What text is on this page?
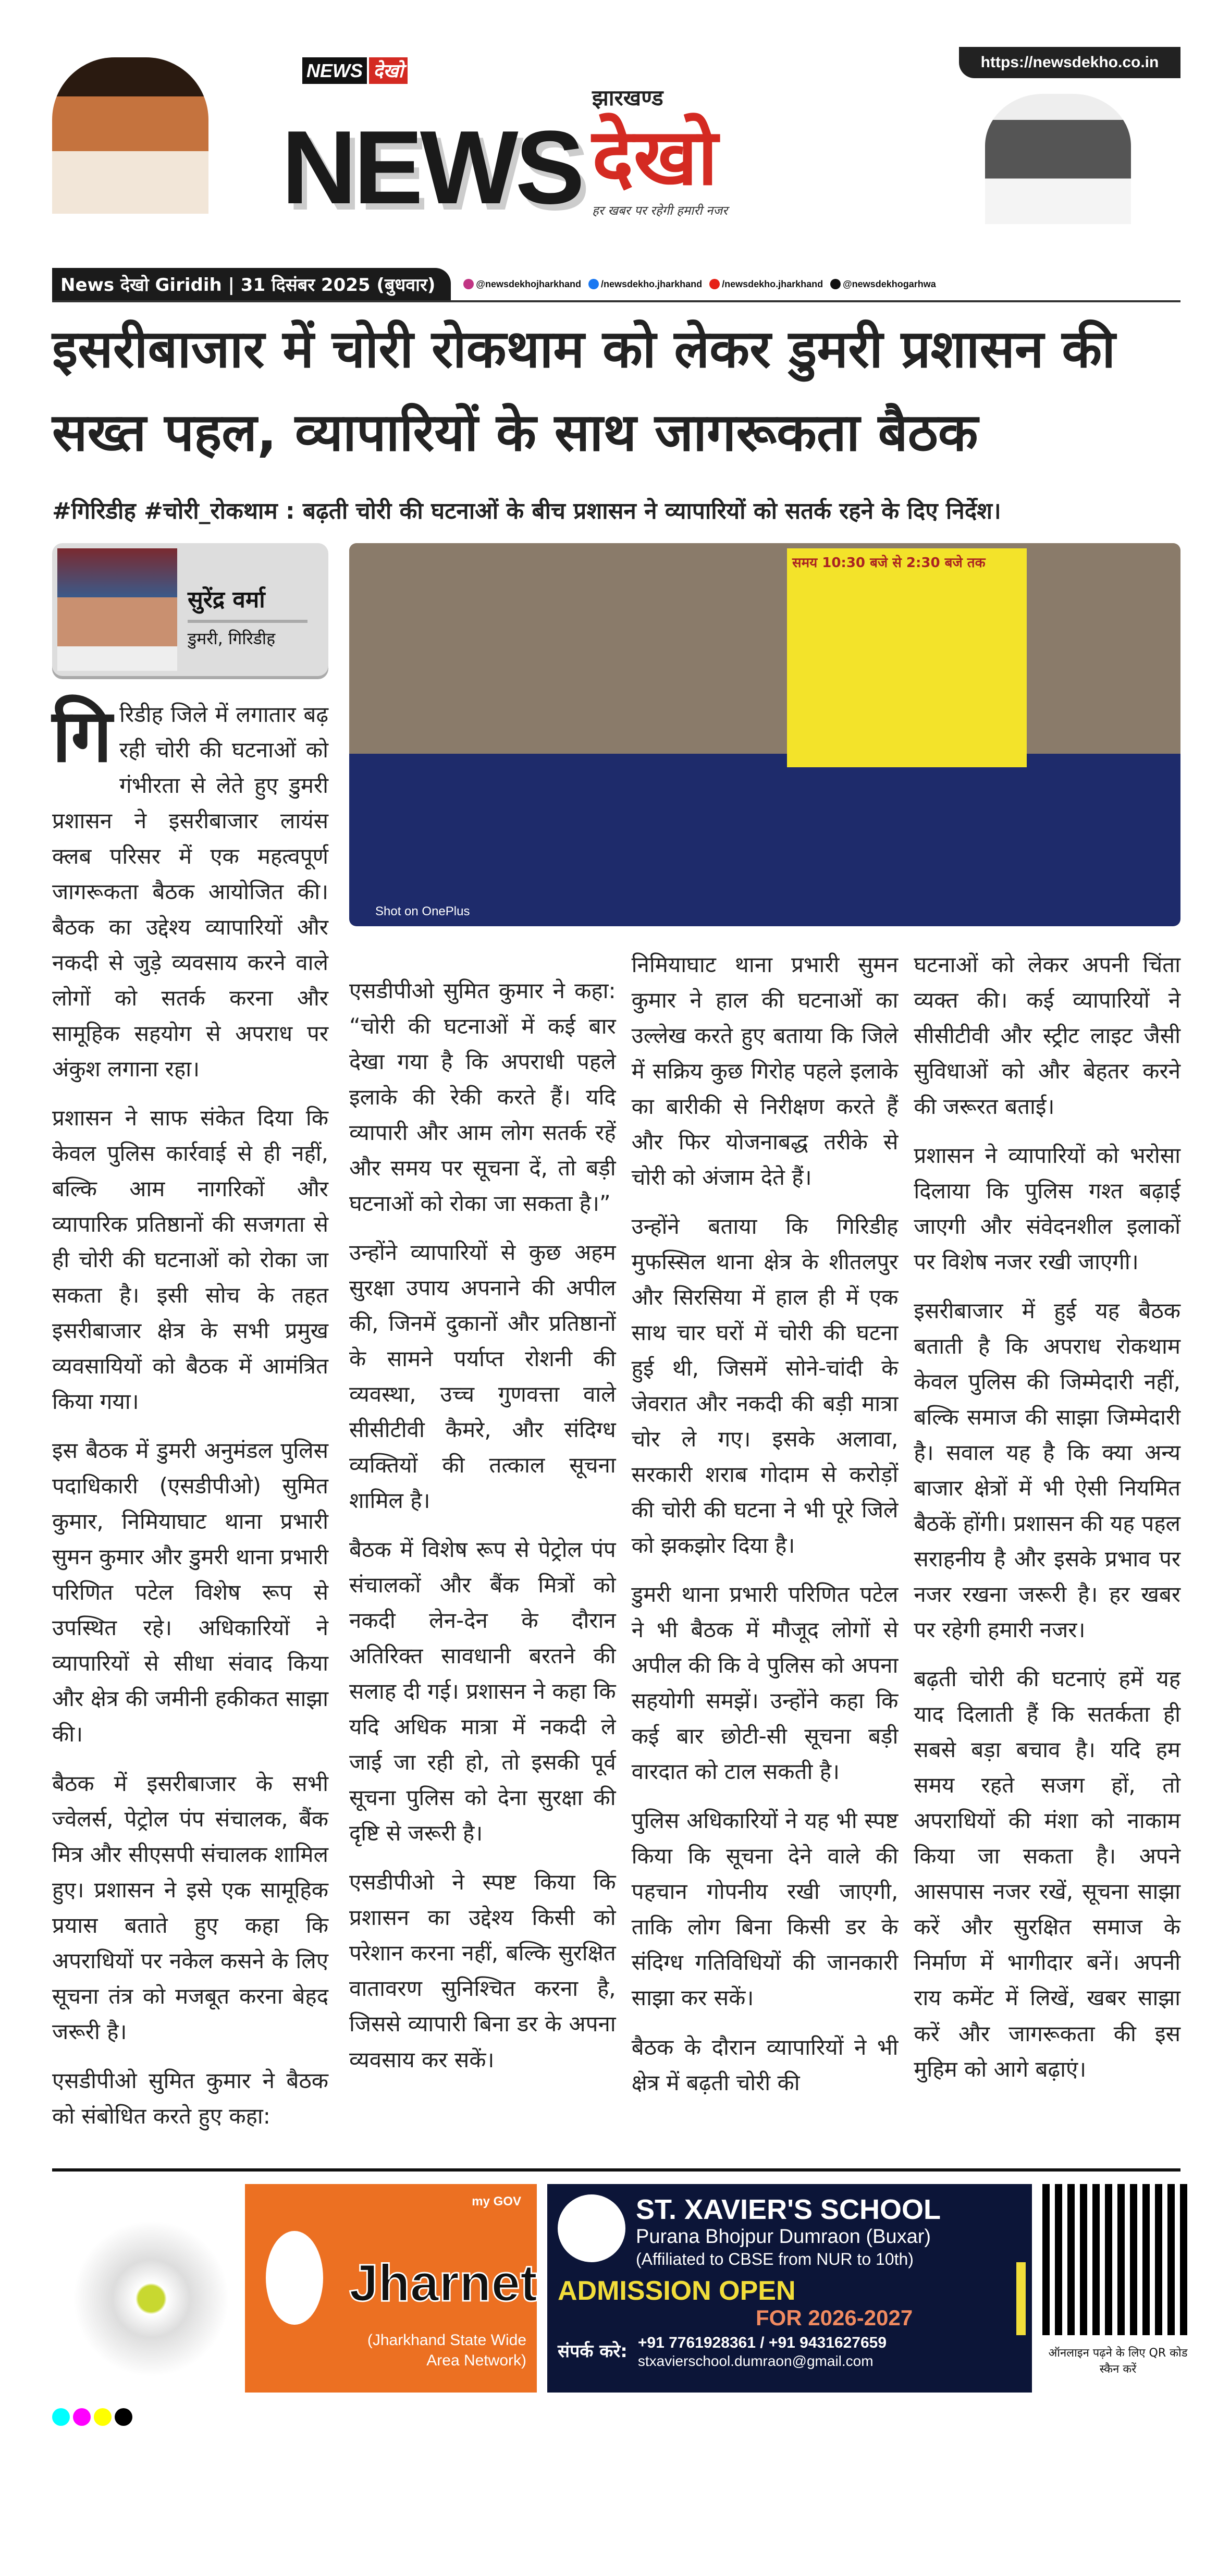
https://newsdekho.co.in
NEWS देखो
NEWS
झारखण्ड
देखो
हर खबर पर रहेगी हमारी नजर
News देखो Giridih | 31 दिसंबर 2025 (बुधवार)	@newsdekhojharkhand /newsdekho.jharkhand /newsdekho.jharkhand @newsdekhogarhwa
इसरीबाजार में चोरी रोकथाम को लेकर डुमरी प्रशासन की सख्त पहल, व्यापारियों के साथ जागरूकता बैठक
#गिरिडीह #चोरी_रोकथाम : बढ़ती चोरी की घटनाओं के बीच प्रशासन ने व्यापारियों को सतर्क रहने के दिए निर्देश।
सुरेंद्र वर्मा
डुमरी, गिरिडीह

गिरिडीह जिले में लगातार बढ़ रही चोरी की घटनाओं को गंभीरता से लेते हुए डुमरी प्रशासन ने इसरीबाजार लायंस क्लब परिसर में एक महत्वपूर्ण जागरूकता बैठक आयोजित की। बैठक का उद्देश्य व्यापारियों और नकदी से जुड़े व्यवसाय करने वाले लोगों को सतर्क करना और सामूहिक सहयोग से अपराध पर अंकुश लगाना रहा।

प्रशासन ने साफ संकेत दिया कि केवल पुलिस कार्रवाई से ही नहीं, बल्कि आम नागरिकों और व्यापारिक प्रतिष्ठानों की सजगता से ही चोरी की घटनाओं को रोका जा सकता है। इसी सोच के तहत इसरीबाजार क्षेत्र के सभी प्रमुख व्यवसायियों को बैठक में आमंत्रित किया गया।

इस बैठक में डुमरी अनुमंडल पुलिस पदाधिकारी (एसडीपीओ) सुमित कुमार, निमियाघाट थाना प्रभारी सुमन कुमार और डुमरी थाना प्रभारी परिणित पटेल विशेष रूप से उपस्थित रहे। अधिकारियों ने व्यापारियों से सीधा संवाद किया और क्षेत्र की जमीनी हकीकत साझा की।

बैठक में इसरीबाजार के सभी ज्वेलर्स, पेट्रोल पंप संचालक, बैंक मित्र और सीएसपी संचालक शामिल हुए। प्रशासन ने इसे एक सामूहिक प्रयास बताते हुए कहा कि अपराधियों पर नकेल कसने के लिए सूचना तंत्र को मजबूत करना बेहद जरूरी है।

एसडीपीओ सुमित कुमार ने बैठक को संबोधित करते हुए कहा:

समय 10:30 बजे से 2:30 बजे तक
Shot on OnePlus

एसडीपीओ सुमित कुमार ने कहा: “चोरी की घटनाओं में कई बार देखा गया है कि अपराधी पहले इलाके की रेकी करते हैं। यदि व्यापारी और आम लोग सतर्क रहें और समय पर सूचना दें, तो बड़ी घटनाओं को रोका जा सकता है।”

उन्होंने व्यापारियों से कुछ अहम सुरक्षा उपाय अपनाने की अपील की, जिनमें दुकानों और प्रतिष्ठानों के सामने पर्याप्त रोशनी की व्यवस्था, उच्च गुणवत्ता वाले सीसीटीवी कैमरे, और संदिग्ध व्यक्तियों की तत्काल सूचना शामिल है।

बैठक में विशेष रूप से पेट्रोल पंप संचालकों और बैंक मित्रों को नकदी लेन-देन के दौरान अतिरिक्त सावधानी बरतने की सलाह दी गई। प्रशासन ने कहा कि यदि अधिक मात्रा में नकदी ले जाई जा रही हो, तो इसकी पूर्व सूचना पुलिस को देना सुरक्षा की दृष्टि से जरूरी है।

एसडीपीओ ने स्पष्ट किया कि प्रशासन का उद्देश्य किसी को परेशान करना नहीं, बल्कि सुरक्षित वातावरण सुनिश्चित करना है, जिससे व्यापारी बिना डर के अपना व्यवसाय कर सकें।

निमियाघाट थाना प्रभारी सुमन कुमार ने हाल की घटनाओं का उल्लेख करते हुए बताया कि जिले में सक्रिय कुछ गिरोह पहले इलाके का बारीकी से निरीक्षण करते हैं और फिर योजनाबद्ध तरीके से चोरी को अंजाम देते हैं।

उन्होंने बताया कि गिरिडीह मुफस्सिल थाना क्षेत्र के शीतलपुर और सिरसिया में हाल ही में एक साथ चार घरों में चोरी की घटना हुई थी, जिसमें सोने-चांदी के जेवरात और नकदी की बड़ी मात्रा चोर ले गए। इसके अलावा, सरकारी शराब गोदाम से करोड़ों की चोरी की घटना ने भी पूरे जिले को झकझोर दिया है।

डुमरी थाना प्रभारी परिणित पटेल ने भी बैठक में मौजूद लोगों से अपील की कि वे पुलिस को अपना सहयोगी समझें। उन्होंने कहा कि कई बार छोटी-सी सूचना बड़ी वारदात को टाल सकती है।

पुलिस अधिकारियों ने यह भी स्पष्ट किया कि सूचना देने वाले की पहचान गोपनीय रखी जाएगी, ताकि लोग बिना किसी डर के संदिग्ध गतिविधियों की जानकारी साझा कर सकें।

बैठक के दौरान व्यापारियों ने भी क्षेत्र में बढ़ती चोरी की

घटनाओं को लेकर अपनी चिंता व्यक्त की। कई व्यापारियों ने सीसीटीवी और स्ट्रीट लाइट जैसी सुविधाओं को और बेहतर करने की जरूरत बताई।

प्रशासन ने व्यापारियों को भरोसा दिलाया कि पुलिस गश्त बढ़ाई जाएगी और संवेदनशील इलाकों पर विशेष नजर रखी जाएगी।

इसरीबाजार में हुई यह बैठक बताती है कि अपराध रोकथाम केवल पुलिस की जिम्मेदारी नहीं, बल्कि समाज की साझा जिम्मेदारी है। सवाल यह है कि क्या अन्य बाजार क्षेत्रों में भी ऐसी नियमित बैठकें होंगी। प्रशासन की यह पहल सराहनीय है और इसके प्रभाव पर नजर रखना जरूरी है। हर खबर पर रहेगी हमारी नजर।

बढ़ती चोरी की घटनाएं हमें यह याद दिलाती हैं कि सतर्कता ही सबसे बड़ा बचाव है। यदि हम समय रहते सजग हों, तो अपराधियों की मंशा को नाकाम किया जा सकता है। अपने आसपास नजर रखें, सूचना साझा करें और सुरक्षित समाज के निर्माण में भागीदार बनें। अपनी राय कमेंट में लिखें, खबर साझा करें और जागरूकता की इस मुहिम को आगे बढ़ाएं।

my GOV
Jharnet
(Jharkhand State Wide Area Network)
ST. XAVIER'S SCHOOL
Purana Bhojpur Dumraon (Buxar)
(Affiliated to CBSE from NUR to 10th)
ADMISSION OPEN
FOR 2026-2027
संपर्क करे: +91 7761928361 / +91 9431627659
stxavierschool.dumraon@gmail.com	ऑनलाइन पढ़ने के लिए QR कोड स्कैन करें
